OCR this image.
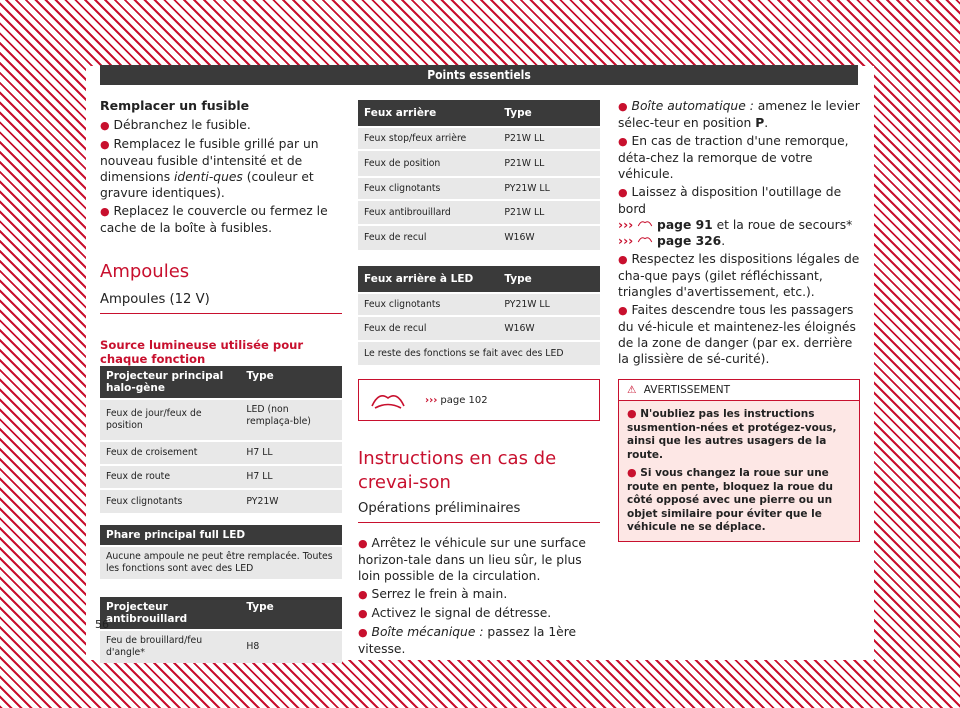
Points essentiels
Remplacer un fusible
● Débranchez le fusible.
● Remplacez le fusible grillé par un nouveau fusible d'intensité et de dimensions identi-ques (couleur et gravure identiques).
● Replacez le couvercle ou fermez le cache de la boîte à fusibles.
Ampoules
Ampoules (12 V)
Source lumineuse utilisée pour chaque fonction
Projecteur principal halo-gène	Type
Feux de jour/feux de position	LED (non remplaça-ble)
Feux de croisement	H7 LL
Feux de route	H7 LL
Feux clignotants	PY21W
Phare principal full LED
Aucune ampoule ne peut être remplacée. Toutes les fonctions sont avec des LED
Projecteur antibrouillard	Type
Feu de brouillard/feu d'angle*	H8
Feux arrière	Type
Feux stop/feux arrière	P21W LL
Feux de position	P21W LL
Feux clignotants	PY21W LL
Feux antibrouillard	P21W LL
Feux de recul	W16W
Feux arrière à LED	Type
Feux clignotants	PY21W LL
Feux de recul	W16W
Le reste des fonctions se fait avec des LED	
››› page 102
Instructions en cas de crevai-son
Opérations préliminaires
● Arrêtez le véhicule sur une surface horizon-tale dans un lieu sûr, le plus loin possible de la circulation.
● Serrez le frein à main.
● Activez le signal de détresse.
● Boîte mécanique : passez la 1ère vitesse.
● Boîte automatique : amenez le levier sélec-teur en position P.
● En cas de traction d'une remorque, déta-chez la remorque de votre véhicule.
● Laissez à disposition l'outillage de bord
››› page 91 et la roue de secours*
››› page 326.
● Respectez les dispositions légales de cha-que pays (gilet réfléchissant, triangles d'avertissement, etc.).
● Faites descendre tous les passagers du vé-hicule et maintenez-les éloignés de la zone de danger (par ex. derrière la glissière de sé-curité).
⚠ AVERTISSEMENT
● N'oubliez pas les instructions susmention-nées et protégez-vous, ainsi que les autres usagers de la route.
● Si vous changez la roue sur une route en pente, bloquez la roue du côté opposé avec une pierre ou un objet similaire pour éviter que le véhicule ne se déplace.
56
